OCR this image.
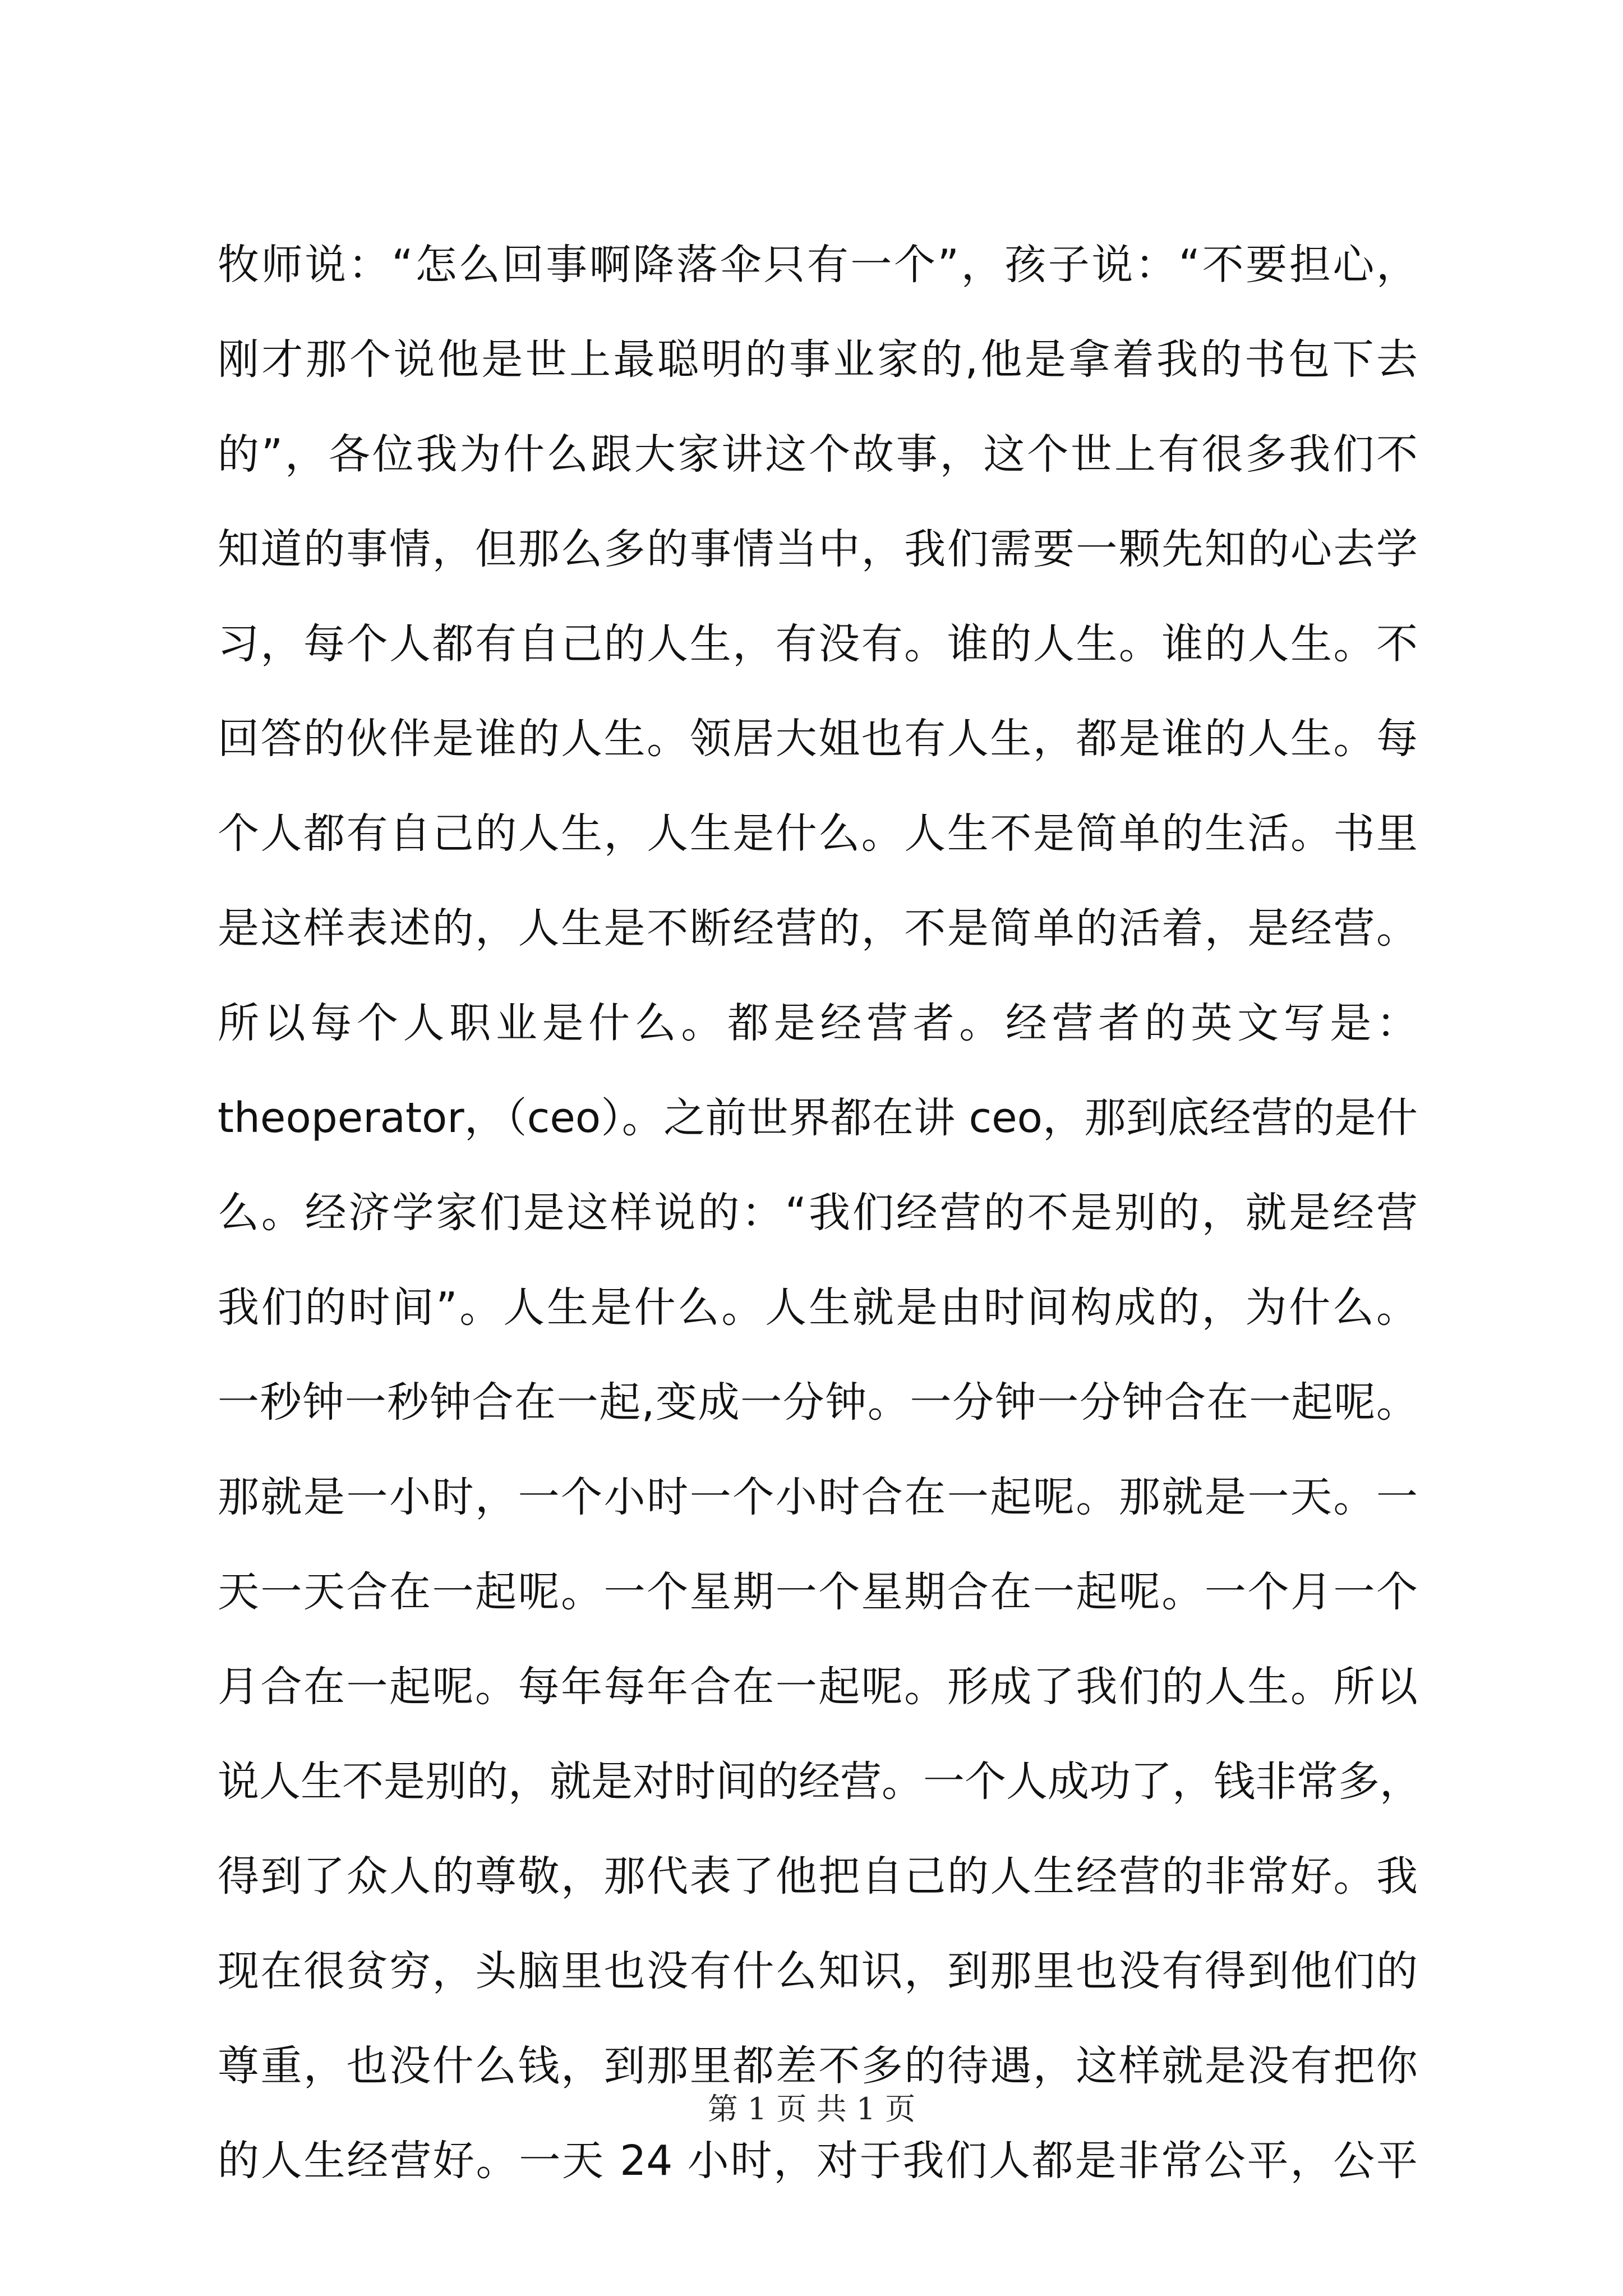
牧师说：“怎么回事啊降落伞只有一个”，孩子说：“不要担心，
刚才那个说他是世上最聪明的事业家的,他是拿着我的书包下去
的”，各位我为什么跟大家讲这个故事，这个世上有很多我们不
知道的事情，但那么多的事情当中，我们需要一颗先知的心去学
习，每个人都有自己的人生，有没有。谁的人生。谁的人生。不
回答的伙伴是谁的人生。领居大姐也有人生，都是谁的人生。每
个人都有自己的人生，人生是什么。人生不是简单的生活。书里
是这样表述的，人生是不断经营的，不是简单的活着，是经营。
所以每个人职业是什么。都是经营者。经营者的英文写是：
theoperator，（ceo）。之前世界都在讲 ceo，那到底经营的是什
么。经济学家们是这样说的：“我们经营的不是别的，就是经营
我们的时间”。人生是什么。人生就是由时间构成的，为什么。
一秒钟一秒钟合在一起,变成一分钟。一分钟一分钟合在一起呢。
那就是一小时，一个小时一个小时合在一起呢。那就是一天。一
天一天合在一起呢。一个星期一个星期合在一起呢。一个月一个
月合在一起呢。每年每年合在一起呢。形成了我们的人生。所以
说人生不是别的，就是对时间的经营。一个人成功了，钱非常多，
得到了众人的尊敬，那代表了他把自己的人生经营的非常好。我
现在很贫穷，头脑里也没有什么知识，到那里也没有得到他们的
尊重，也没什么钱，到那里都差不多的待遇，这样就是没有把你
的人生经营好。一天 24 小时，对于我们人都是非常公平，公平
第 1 页 共 1 页
